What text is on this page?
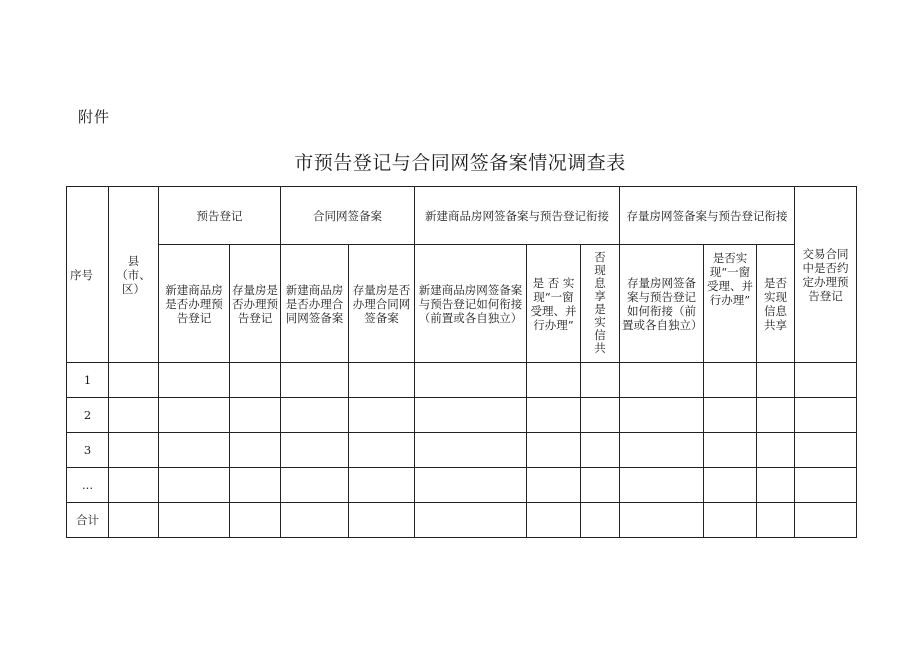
附件
市预告登记与合同网签备案情况调查表
序号	县（市、区）	预告登记		合同网签备案		新建商品房网签备案与预告登记衔接			存量房网签备案与预告登记衔接			交易合同中是否约定办理预告登记
		新建商品房是否办理预告登记	存量房是否办理预告登记	新建商品房是否办理合同网签备案	存量房是否办理合同网签备案	新建商品房网签备案与预告登记如何衔接（前置或各自独立）	是 否 实现“一窗受理、并行办理”	否现息享是实信共	存量房网签备案与预告登记如何衔接（前置或各自独立）	是否实现“一窗受理、并行办理”	是否实现信息共享	
1												
2												
3												
...												
合计												
